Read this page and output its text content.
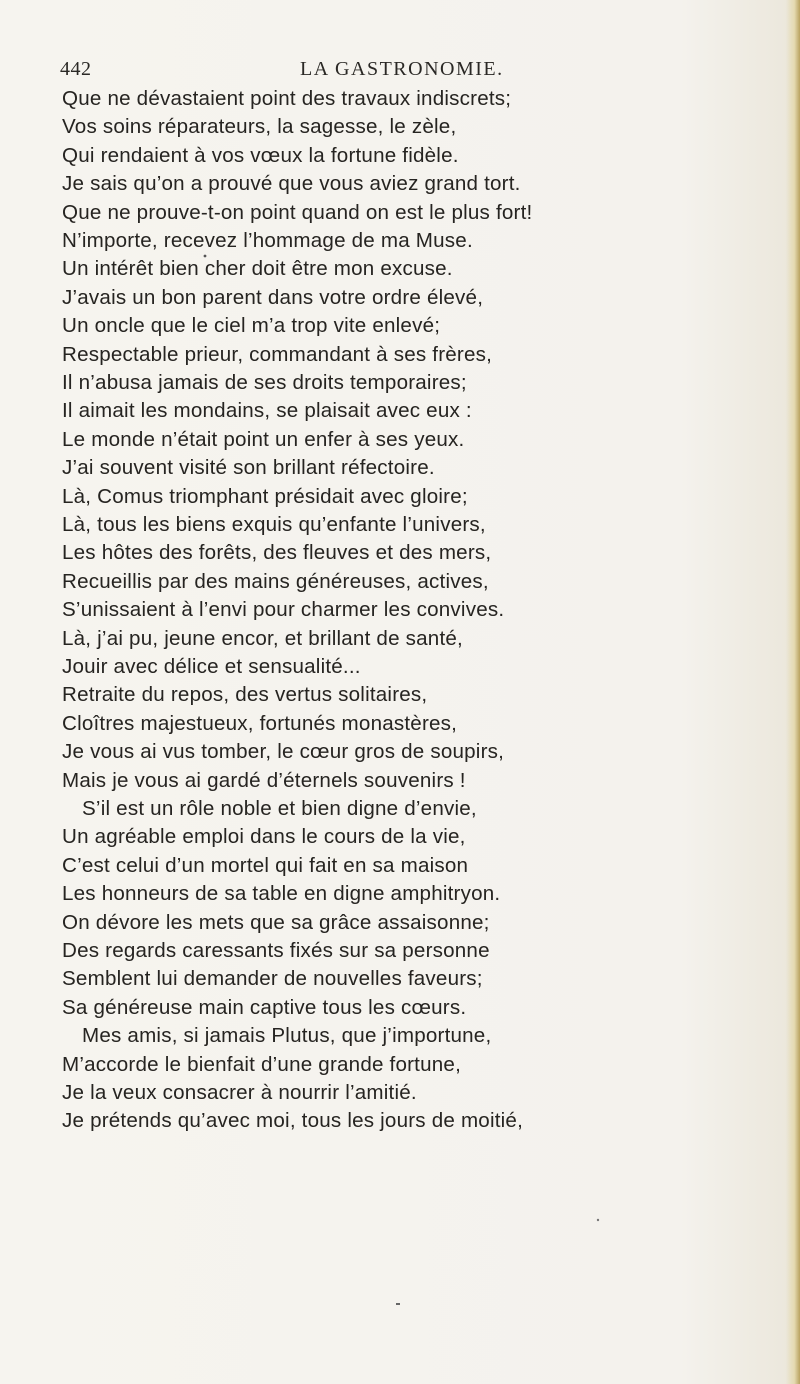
442	LA GASTRONOMIE.
Que ne dévastaient point des travaux indiscrets;
Vos soins réparateurs, la sagesse, le zèle,
Qui rendaient à vos vœux la fortune fidèle.
Je sais qu’on a prouvé que vous aviez grand tort.
Que ne prouve-t-on point quand on est le plus fort!
N’importe, recevez l’hommage de ma Muse.
Un intérêt bien cher doit être mon excuse.
J’avais un bon parent dans votre ordre élevé,
Un oncle que le ciel m’a trop vite enlevé;
Respectable prieur, commandant à ses frères,
Il n’abusa jamais de ses droits temporaires;
Il aimait les mondains, se plaisait avec eux :
Le monde n’était point un enfer à ses yeux.
J’ai souvent visité son brillant réfectoire.
Là, Comus triomphant présidait avec gloire;
Là, tous les biens exquis qu’enfante l’univers,
Les hôtes des forêts, des fleuves et des mers,
Recueillis par des mains généreuses, actives,
S’unissaient à l’envi pour charmer les convives.
Là, j’ai pu, jeune encor, et brillant de santé,
Jouir avec délice et sensualité...
Retraite du repos, des vertus solitaires,
Cloîtres majestueux, fortunés monastères,
Je vous ai vus tomber, le cœur gros de soupirs,
Mais je vous ai gardé d’éternels souvenirs !
S’il est un rôle noble et bien digne d’envie,
Un agréable emploi dans le cours de la vie,
C’est celui d’un mortel qui fait en sa maison
Les honneurs de sa table en digne amphitryon.
On dévore les mets que sa grâce assaisonne;
Des regards caressants fixés sur sa personne
Semblent lui demander de nouvelles faveurs;
Sa généreuse main captive tous les cœurs.
Mes amis, si jamais Plutus, que j’importune,
M’accorde le bienfait d’une grande fortune,
Je la veux consacrer à nourrir l’amitié.
Je prétends qu’avec moi, tous les jours de moitié,
